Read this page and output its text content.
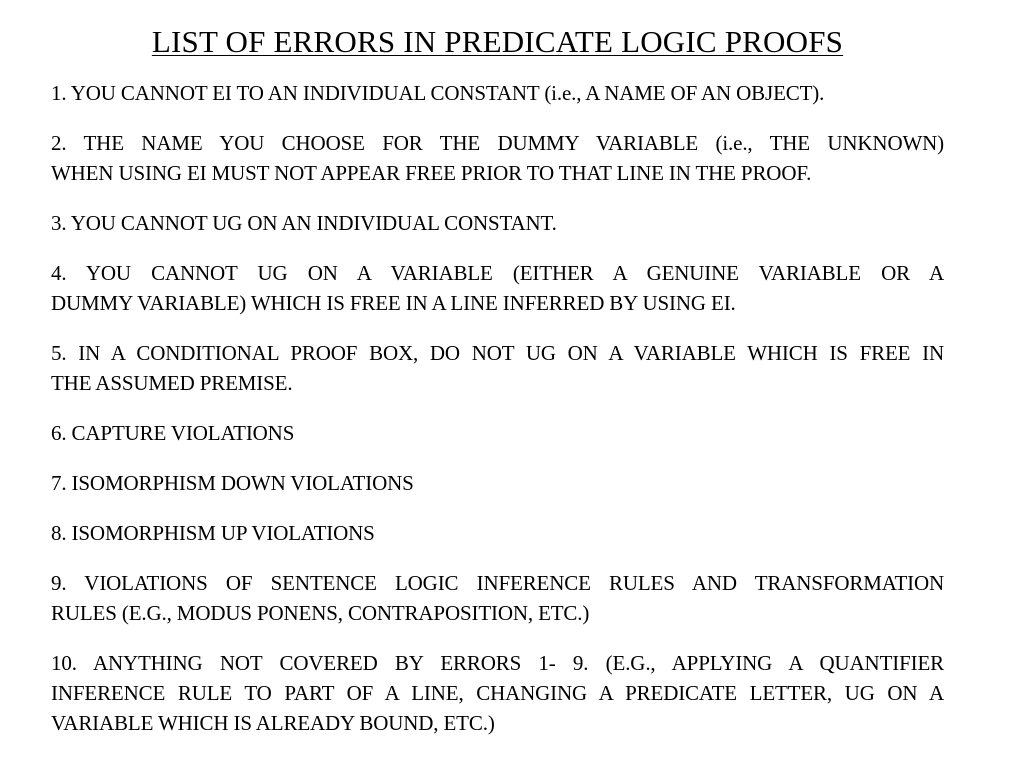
LIST OF ERRORS IN PREDICATE LOGIC PROOFS
1. YOU CANNOT EI TO AN INDIVIDUAL CONSTANT (i.e., A NAME OF AN OBJECT).
2. THE NAME YOU CHOOSE FOR THE DUMMY VARIABLE (i.e., THE UNKNOWN)
WHEN USING EI MUST NOT APPEAR FREE PRIOR TO THAT LINE IN THE PROOF.
3. YOU CANNOT UG ON AN INDIVIDUAL CONSTANT.
4. YOU CANNOT UG ON A VARIABLE (EITHER A GENUINE VARIABLE OR A
DUMMY VARIABLE) WHICH IS FREE IN A LINE INFERRED BY USING EI.
5. IN A CONDITIONAL PROOF BOX, DO NOT UG ON A VARIABLE WHICH IS FREE IN
THE ASSUMED PREMISE.
6. CAPTURE VIOLATIONS
7. ISOMORPHISM DOWN VIOLATIONS
8. ISOMORPHISM UP VIOLATIONS
9. VIOLATIONS OF SENTENCE LOGIC INFERENCE RULES AND TRANSFORMATION
RULES (E.G., MODUS PONENS, CONTRAPOSITION, ETC.)
10. ANYTHING NOT COVERED BY ERRORS 1- 9. (E.G., APPLYING A QUANTIFIER
INFERENCE RULE TO PART OF A LINE, CHANGING A PREDICATE LETTER, UG ON A
VARIABLE WHICH IS ALREADY BOUND, ETC.)
